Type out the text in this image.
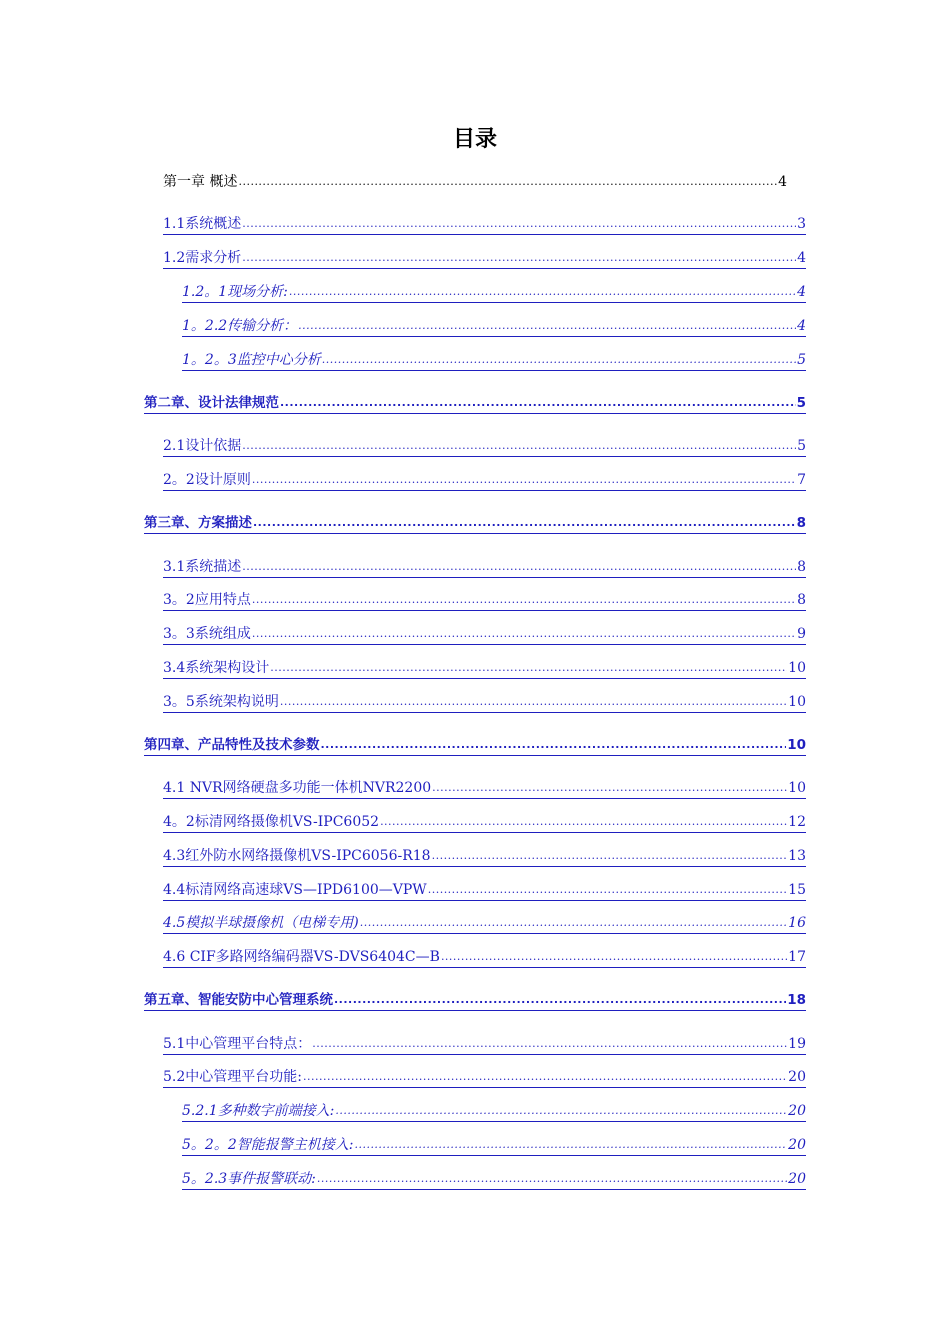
目录
第一章 概述 .....	4
1.1系统概述 .....	3
1.2需求分析 .....	4
1.2。1现场分析: .....	4
1。2.2传输分析： .....	4
1。2。3监控中心分析 .....	5
第二章、设计法律规范 .....	5
2.1设计依据 .....	5
2。2设计原则 .....	7
第三章、方案描述 .....	8
3.1系统描述 .....	8
3。2应用特点 .....	8
3。3系统组成 .....	9
3.4系统架构设计 .....	10
3。5系统架构说明 .....	10
第四章、产品特性及技术参数 .....	10
4.1 NVR网络硬盘多功能一体机NVR2200 .....	10
4。2标清网络摄像机VS-IPC6052 .....	12
4.3红外防水网络摄像机VS-IPC6056-R18 .....	13
4.4标清网络高速球VS—IPD6100—VPW .....	15
4.5模拟半球摄像机（电梯专用) .....	16
4.6 CIF多路网络编码器VS-DVS6404C—B .....	17
第五章、智能安防中心管理系统 .....	18
5.1中心管理平台特点： .....	19
5.2中心管理平台功能: .....	20
5.2.1多种数字前端接入: .....	20
5。2。2智能报警主机接入: .....	20
5。2.3事件报警联动: .....	20
